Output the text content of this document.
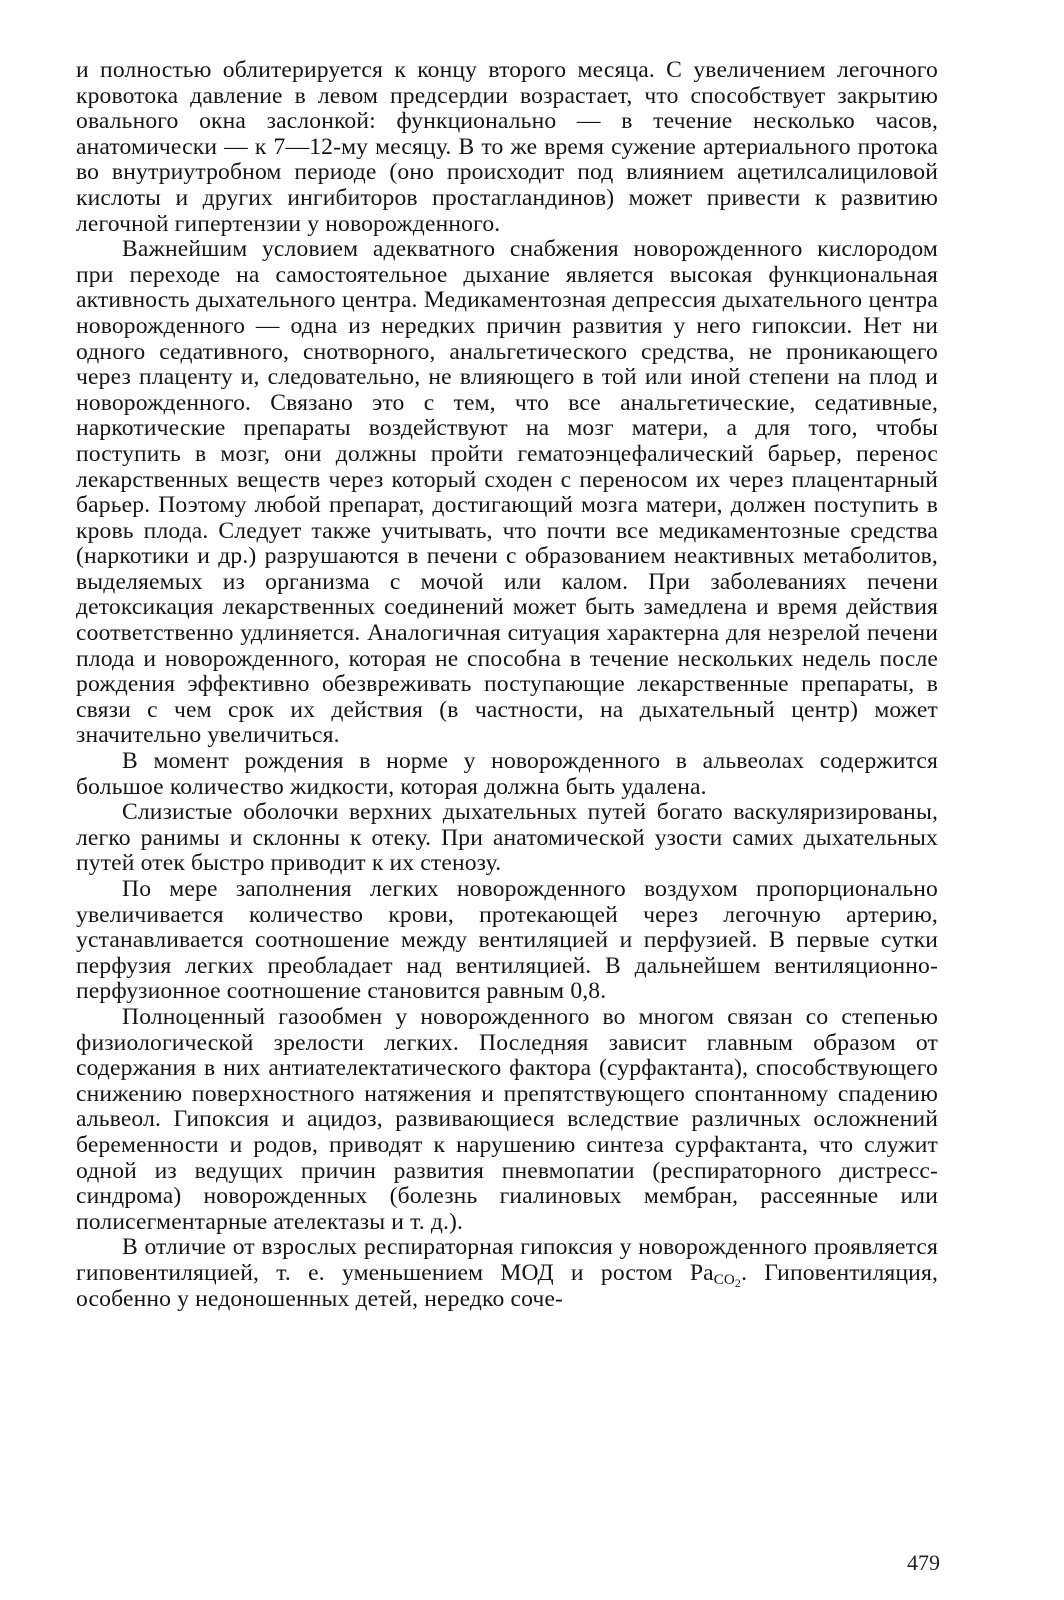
и полностью облитерируется к концу второго месяца. С увеличением легочного кровотока давление в левом предсердии возрастает, что способствует закрытию овального окна заслонкой: функционально — в течение несколько часов, анатомически — к 7—12-му месяцу. В то же время сужение артериального протока во внутриутробном периоде (оно происходит под влиянием ацетилсалициловой кислоты и других ингибиторов простагландинов) может привести к развитию легочной гипертензии у новорожденного.

Важнейшим условием адекватного снабжения новорожденного кислородом при переходе на самостоятельное дыхание является высокая функциональная активность дыхательного центра. Медикаментозная депрессия дыхательного центра новорожденного — одна из нередких причин развития у него гипоксии. Нет ни одного седативного, снотворного, анальгетического средства, не проникающего через плаценту и, следовательно, не влияющего в той или иной степени на плод и новорожденного. Связано это с тем, что все анальгетические, седативные, наркотические препараты воздействуют на мозг матери, а для того, чтобы поступить в мозг, они должны пройти гематоэнцефалический барьер, перенос лекарственных веществ через который сходен с переносом их через плацентарный барьер. Поэтому любой препарат, достигающий мозга матери, должен поступить в кровь плода. Следует также учитывать, что почти все медикаментозные средства (наркотики и др.) разрушаются в печени с образованием неактивных метаболитов, выделяемых из организма с мочой или калом. При заболеваниях печени детоксикация лекарственных соединений может быть замедлена и время действия соответственно удлиняется. Аналогичная ситуация характерна для незрелой печени плода и новорожденного, которая не способна в течение нескольких недель после рождения эффективно обезвреживать поступающие лекарственные препараты, в связи с чем срок их действия (в частности, на дыхательный центр) может значительно увеличиться.

В момент рождения в норме у новорожденного в альвеолах содержится большое количество жидкости, которая должна быть удалена.

Слизистые оболочки верхних дыхательных путей богато васкуляризированы, легко ранимы и склонны к отеку. При анатомической узости самих дыхательных путей отек быстро приводит к их стенозу.

По мере заполнения легких новорожденного воздухом пропорционально увеличивается количество крови, протекающей через легочную артерию, устанавливается соотношение между вентиляцией и перфузией. В первые сутки перфузия легких преобладает над вентиляцией. В дальнейшем вентиляционно-перфузионное соотношение становится равным 0,8.

Полноценный газообмен у новорожденного во многом связан со степенью физиологической зрелости легких. Последняя зависит главным образом от содержания в них антиателектатического фактора (сурфактанта), способствующего снижению поверхностного натяжения и препятствующего спонтанному спадению альвеол. Гипоксия и ацидоз, развивающиеся вследствие различных осложнений беременности и родов, приводят к нарушению синтеза сурфактанта, что служит одной из ведущих причин развития пневмопатии (респираторного дистресс-синдрома) новорожденных (болезнь гиалиновых мембран, рассеянные или полисегментарные ателектазы и т. д.).

В отличие от взрослых респираторная гипоксия у новорожденного проявляется гиповентиляцией, т. е. уменьшением МОД и ростом $Pa_{CO_2}$. Гиповентиляция, особенно у недоношенных детей, нередко соче-

479
